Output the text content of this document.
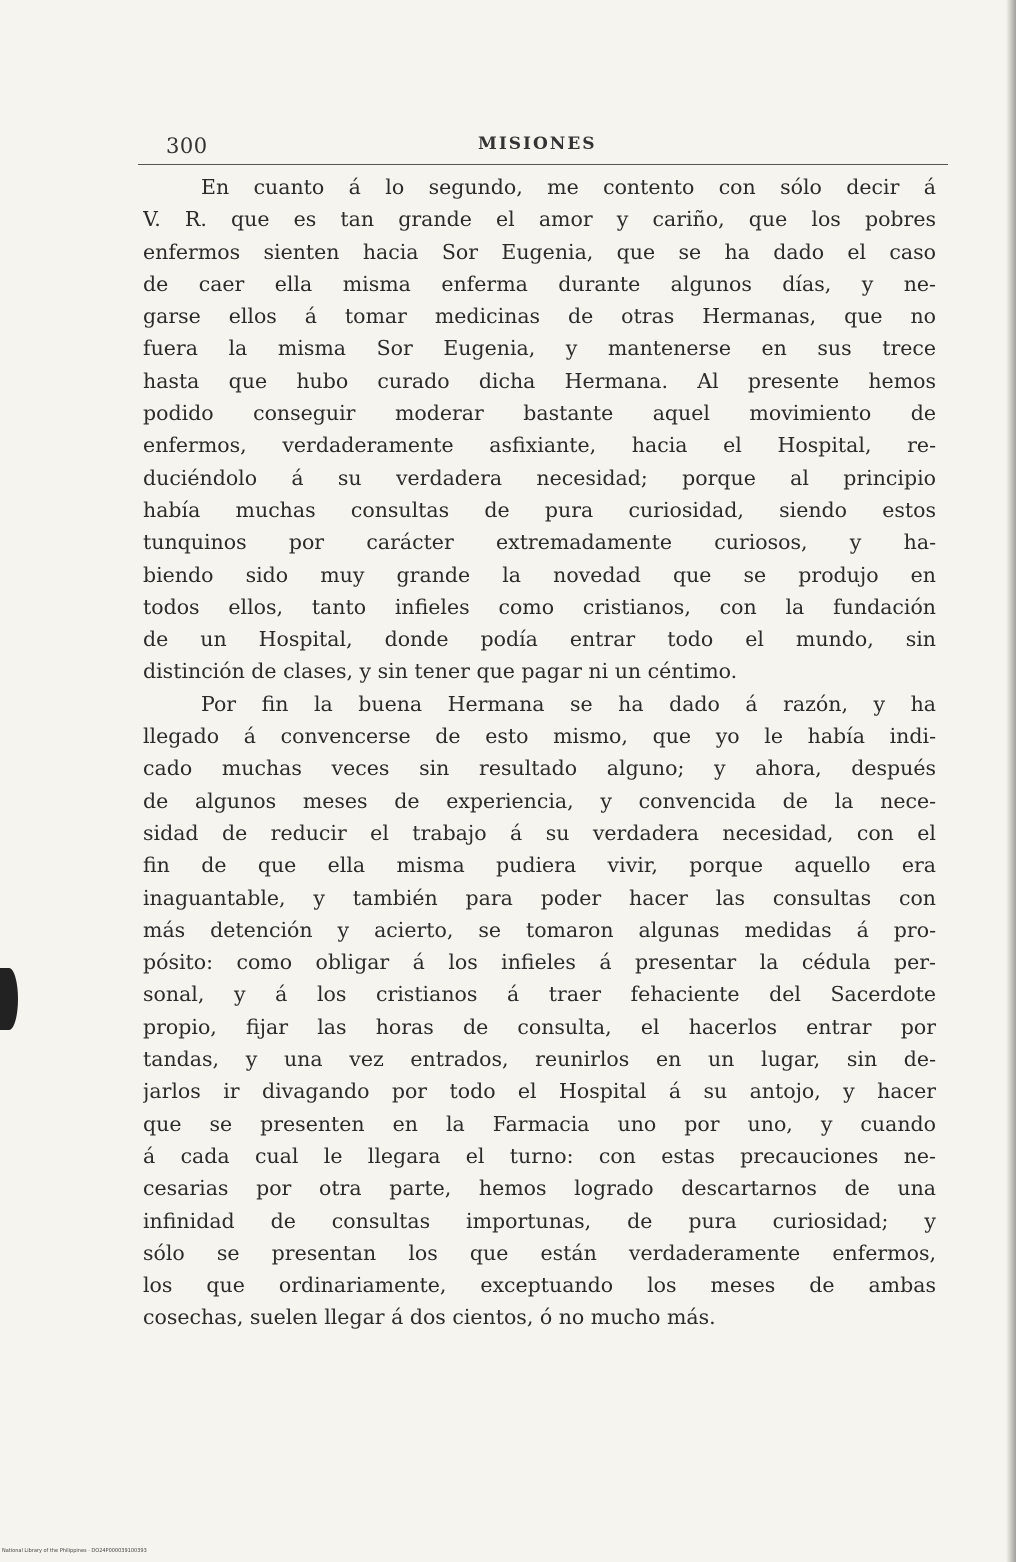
300	MISIONES
En cuanto á lo segundo, me contento con sólo decir á
V. R. que es tan grande el amor y cariño, que los pobres
enfermos sienten hacia Sor Eugenia, que se ha dado el caso
de caer ella misma enferma durante algunos días, y ne-
garse ellos á tomar medicinas de otras Hermanas, que no
fuera la misma Sor Eugenia, y mantenerse en sus trece
hasta que hubo curado dicha Hermana. Al presente hemos
podido conseguir moderar bastante aquel movimiento de
enfermos, verdaderamente asfixiante, hacia el Hospital, re-
duciéndolo á su verdadera necesidad; porque al principio
había muchas consultas de pura curiosidad, siendo estos
tunquinos por carácter extremadamente curiosos, y ha-
biendo sido muy grande la novedad que se produjo en
todos ellos, tanto infieles como cristianos, con la fundación
de un Hospital, donde podía entrar todo el mundo, sin
distinción de clases, y sin tener que pagar ni un céntimo.
Por fin la buena Hermana se ha dado á razón, y ha
llegado á convencerse de esto mismo, que yo le había indi-
cado muchas veces sin resultado alguno; y ahora, después
de algunos meses de experiencia, y convencida de la nece-
sidad de reducir el trabajo á su verdadera necesidad, con el
fin de que ella misma pudiera vivir, porque aquello era
inaguantable, y también para poder hacer las consultas con
más detención y acierto, se tomaron algunas medidas á pro-
pósito: como obligar á los infieles á presentar la cédula per-
sonal, y á los cristianos á traer fehaciente del Sacerdote
propio, fijar las horas de consulta, el hacerlos entrar por
tandas, y una vez entrados, reunirlos en un lugar, sin de-
jarlos ir divagando por todo el Hospital á su antojo, y hacer
que se presenten en la Farmacia uno por uno, y cuando
á cada cual le llegara el turno: con estas precauciones ne-
cesarias por otra parte, hemos logrado descartarnos de una
infinidad de consultas importunas, de pura curiosidad; y
sólo se presentan los que están verdaderamente enfermos,
los que ordinariamente, exceptuando los meses de ambas
cosechas, suelen llegar á dos cientos, ó no mucho más.
National Library of the Philippines · DO24P000039100393
